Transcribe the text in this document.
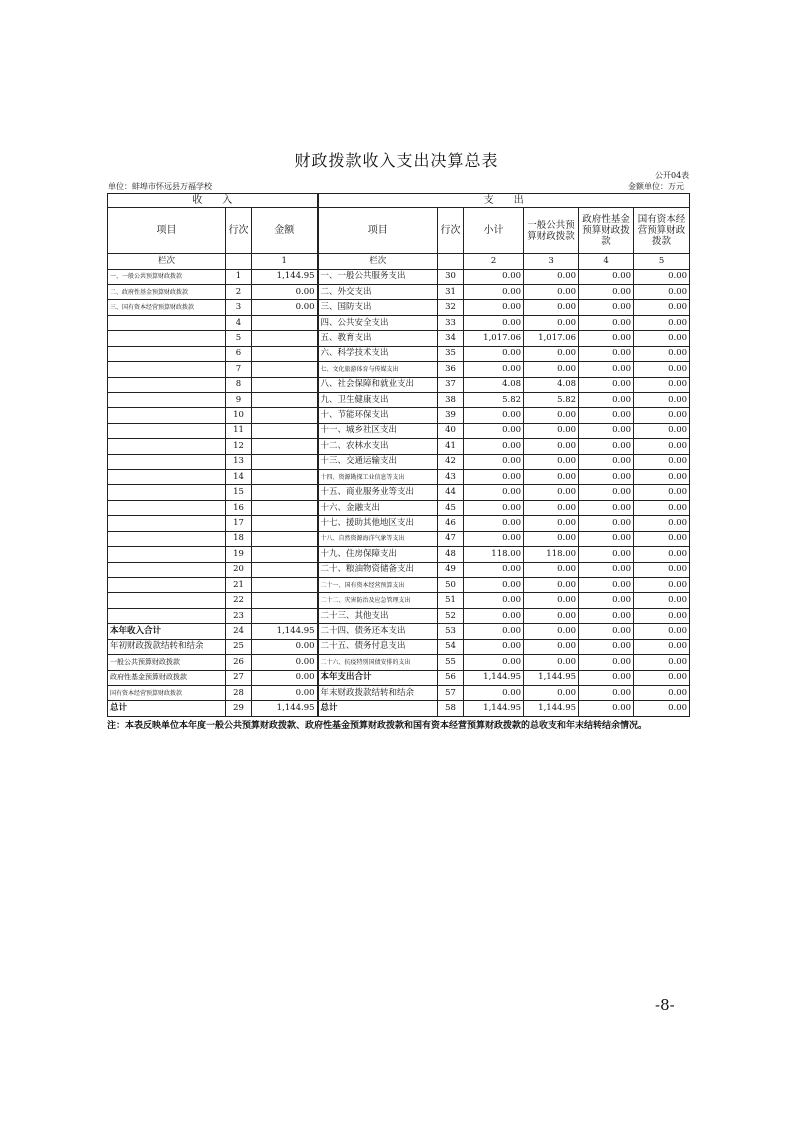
财政拨款收入支出决算总表
公开04表
单位：蚌埠市怀远县万福学校	金额单位：万元
收　　入			支　　出					
项目	行次	金额	项目	行次	小计	一般公共预算财政拨款	政府性基金预算财政拨款	国有资本经营预算财政拨款
栏次		1	栏次		2	3	4	5
一、一般公共预算财政拨款	1	1,144.95	一、一般公共服务支出	30	0.00	0.00	0.00	0.00
二、政府性基金预算财政拨款	2	0.00	二、外交支出	31	0.00	0.00	0.00	0.00
三、国有资本经营预算财政拨款	3	0.00	三、国防支出	32	0.00	0.00	0.00	0.00
	4		四、公共安全支出	33	0.00	0.00	0.00	0.00
	5		五、教育支出	34	1,017.06	1,017.06	0.00	0.00
	6		六、科学技术支出	35	0.00	0.00	0.00	0.00
	7		七、文化旅游体育与传媒支出	36	0.00	0.00	0.00	0.00
	8		八、社会保障和就业支出	37	4.08	4.08	0.00	0.00
	9		九、卫生健康支出	38	5.82	5.82	0.00	0.00
	10		十、节能环保支出	39	0.00	0.00	0.00	0.00
	11		十一、城乡社区支出	40	0.00	0.00	0.00	0.00
	12		十二、农林水支出	41	0.00	0.00	0.00	0.00
	13		十三、交通运输支出	42	0.00	0.00	0.00	0.00
	14		十四、资源勘探工业信息等支出	43	0.00	0.00	0.00	0.00
	15		十五、商业服务业等支出	44	0.00	0.00	0.00	0.00
	16		十六、金融支出	45	0.00	0.00	0.00	0.00
	17		十七、援助其他地区支出	46	0.00	0.00	0.00	0.00
	18		十八、自然资源海洋气象等支出	47	0.00	0.00	0.00	0.00
	19		十九、住房保障支出	48	118.00	118.00	0.00	0.00
	20		二十、粮油物资储备支出	49	0.00	0.00	0.00	0.00
	21		二十一、国有资本经营预算支出	50	0.00	0.00	0.00	0.00
	22		二十二、灾害防治及应急管理支出	51	0.00	0.00	0.00	0.00
	23		二十三、其他支出	52	0.00	0.00	0.00	0.00
本年收入合计	24	1,144.95	二十四、债务还本支出	53	0.00	0.00	0.00	0.00
年初财政拨款结转和结余	25	0.00	二十五、债务付息支出	54	0.00	0.00	0.00	0.00
一般公共预算财政拨款	26	0.00	二十六、抗疫特别国债安排的支出	55	0.00	0.00	0.00	0.00
政府性基金预算财政拨款	27	0.00	本年支出合计	56	1,144.95	1,144.95	0.00	0.00
国有资本经营预算财政拨款	28	0.00	年末财政拨款结转和结余	57	0.00	0.00	0.00	0.00
总计	29	1,144.95	总计	58	1,144.95	1,144.95	0.00	0.00
注：本表反映单位本年度一般公共预算财政拨款、政府性基金预算财政拨款和国有资本经营预算财政拨款的总收支和年末结转结余情况。
-8-
